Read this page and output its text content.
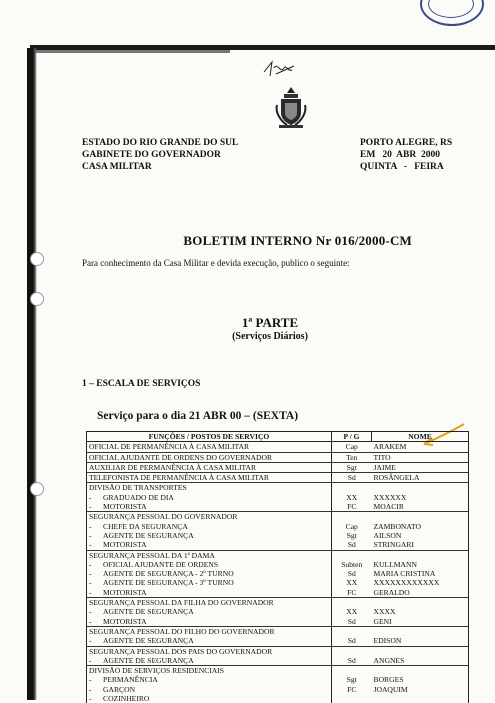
ESTADO DO RIO GRANDE DO SUL
GABINETE DO GOVERNADOR
CASA MILITAR
PORTO ALEGRE, RS
EM   20  ABR  2000
QUINTA   -   FEIRA
BOLETIM INTERNO Nr 016/2000-CM
Para conhecimento da Casa Militar e devida execução, publico o seguinte:
1ª PARTE
(Serviços Diários)
1 – ESCALA DE SERVIÇOS
Serviço para o dia 21 ABR 00 – (SEXTA)
FUNÇÕES / POSTOS DE SERVIÇO	P / G	NOME
OFICIAL DE PERMANÊNCIA À CASA MILITAR	Cap	ARAKEM
OFICIAL AJUDANTE DE ORDENS DO GOVERNADOR	Ten	TITO
AUXILIAR DE PERMANÊNCIA À CASA MILITAR	Sgt	JAIME
TELEFONISTA DE PERMANÊNCIA À CASA MILITAR	Sd	ROSÂNGELA
DIVISÃO DE TRANSPORTES		
- GRADUADO DE DIA	XX	XXXXXX
- MOTORISTA	FC	MOACIR
SEGURANÇA PESSOAL DO GOVERNADOR		
- CHEFE DA SEGURANÇA	Cap	ZAMBONATO
- AGENTE DE SEGURANÇA	Sgt	AILSON
- MOTORISTA	Sd	STRINGARI
SEGURANÇA PESSOAL DA 1ª DAMA		
- OFICIAL AJUDANTE DE ORDENS	Subten	KULLMANN
- AGENTE DE SEGURANÇA - 2º TURNO	Sd	MARIA CRISTINA
- AGENTE DE SEGURANÇA - 3º TURNO	XX	XXXXXXXXXXXX
- MOTORISTA	FC	GERALDO
SEGURANÇA PESSOAL DA FILHA DO GOVERNADOR		
- AGENTE DE SEGURANÇA	XX	XXXX
- MOTORISTA	Sd	GENI
SEGURANÇA PESSOAL DO FILHO DO GOVERNADOR		
- AGENTE DE SEGURANÇA	Sd	EDISON
SEGURANÇA PESSOAL DOS PAIS DO GOVERNADOR		
- AGENTE DE SEGURANÇA	Sd	ANGNES
DIVISÃO DE SERVIÇOS RESIDENCIAIS		
- PERMANÊNCIA	Sgt	BORGES
- GARÇON	FC	JOAQUIM
- COZINHEIRO		
